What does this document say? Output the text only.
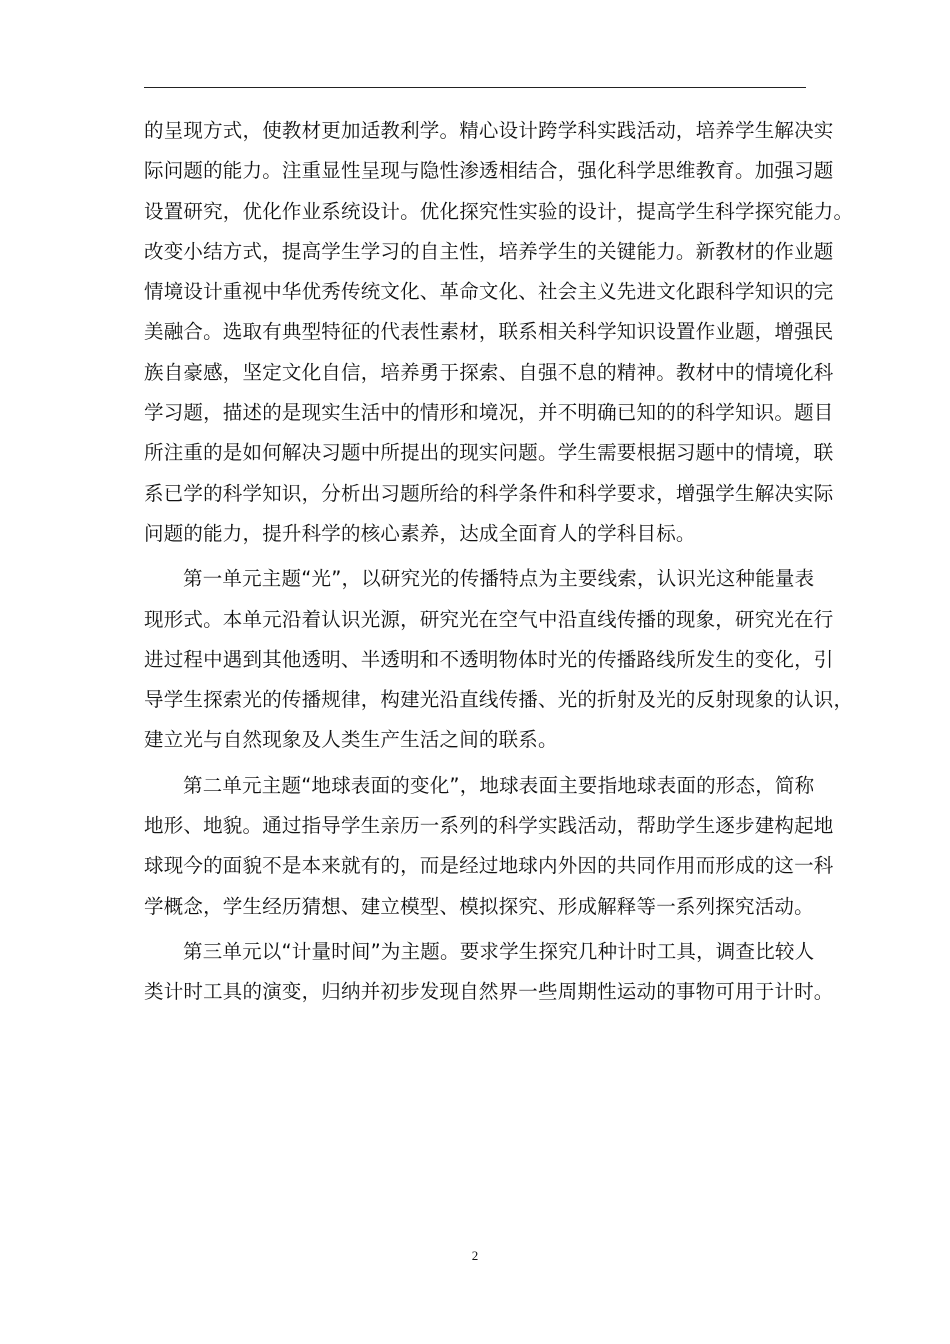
的呈现方式，使教材更加适教利学。精心设计跨学科实践活动，培养学生解决实
际问题的能力。注重显性呈现与隐性渗透相结合，强化科学思维教育。加强习题
设置研究，优化作业系统设计。优化探究性实验的设计，提高学生科学探究能力。
改变小结方式，提高学生学习的自主性，培养学生的关键能力。新教材的作业题
情境设计重视中华优秀传统文化、革命文化、社会主义先进文化跟科学知识的完
美融合。选取有典型特征的代表性素材，联系相关科学知识设置作业题，增强民
族自豪感，坚定文化自信，培养勇于探索、自强不息的精神。教材中的情境化科
学习题，描述的是现实生活中的情形和境况，并不明确已知的的科学知识。题目
所注重的是如何解决习题中所提出的现实问题。学生需要根据习题中的情境，联
系已学的科学知识，分析出习题所给的科学条件和科学要求，增强学生解决实际
问题的能力，提升科学的核心素养，达成全面育人的学科目标。

第一单元主题“光”，以研究光的传播特点为主要线索，认识光这种能量表
现形式。本单元沿着认识光源，研究光在空气中沿直线传播的现象，研究光在行
进过程中遇到其他透明、半透明和不透明物体时光的传播路线所发生的变化，引
导学生探索光的传播规律，构建光沿直线传播、光的折射及光的反射现象的认识，
建立光与自然现象及人类生产生活之间的联系。

第二单元主题“地球表面的变化”，地球表面主要指地球表面的形态，简称
地形、地貌。通过指导学生亲历一系列的科学实践活动，帮助学生逐步建构起地
球现今的面貌不是本来就有的，而是经过地球内外因的共同作用而形成的这一科
学概念，学生经历猜想、建立模型、模拟探究、形成解释等一系列探究活动。

第三单元以“计量时间”为主题。要求学生探究几种计时工具，调查比较人
类计时工具的演变，归纳并初步发现自然界一些周期性运动的事物可用于计时。

2
